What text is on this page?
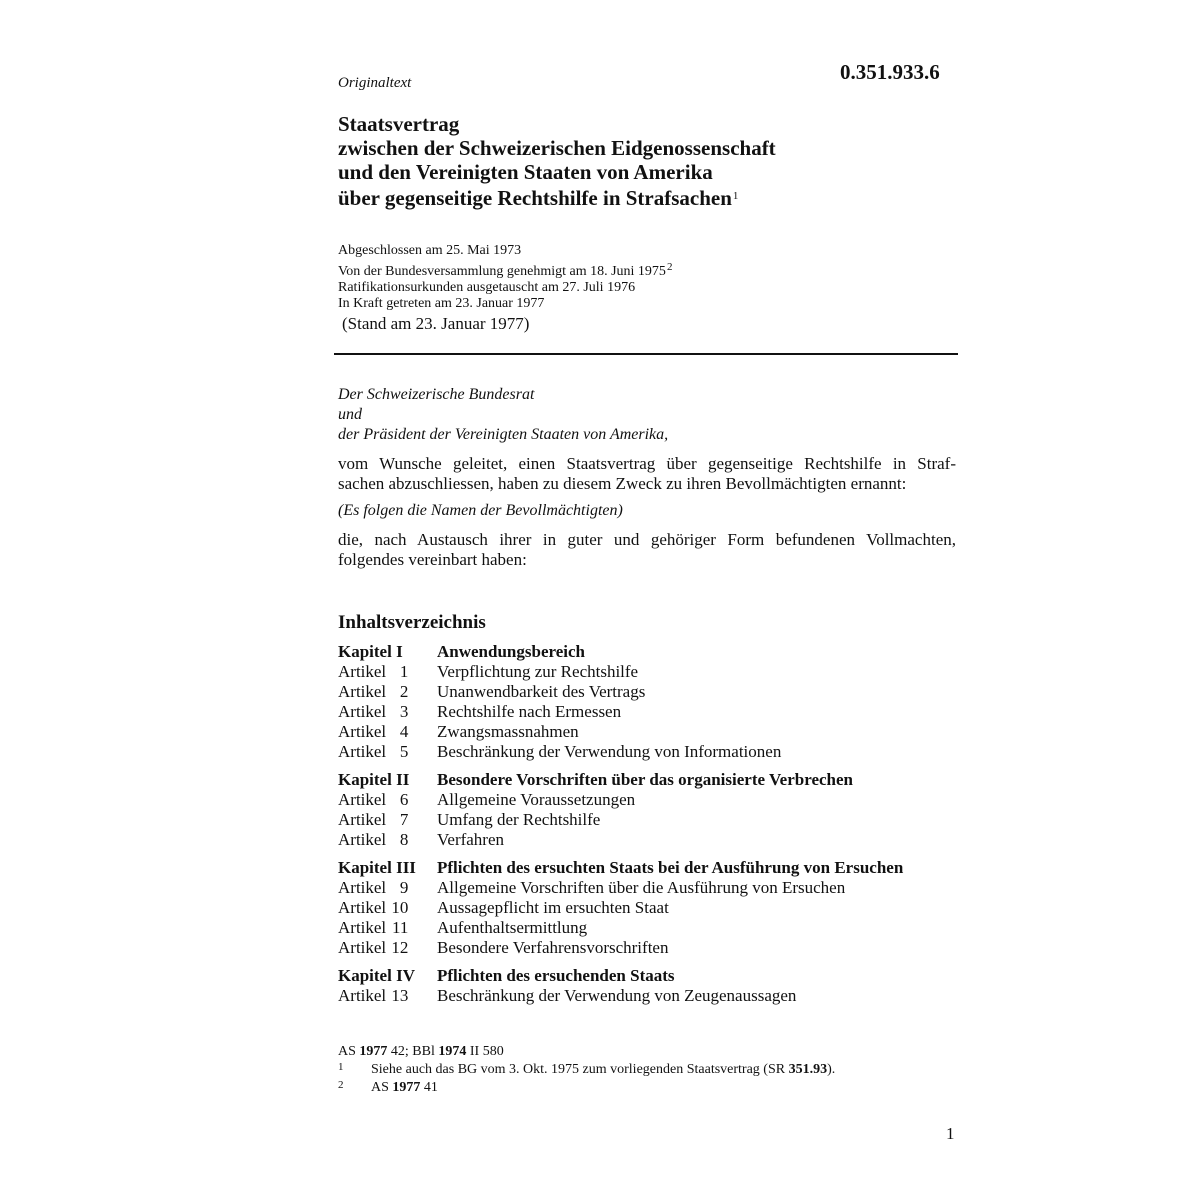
Originaltext	0.351.933.6
Staatsvertrag
zwischen der Schweizerischen Eidgenossenschaft
und den Vereinigten Staaten von Amerika
über gegenseitige Rechtshilfe in Strafsachen$^1$
Abgeschlossen am 25. Mai 1973
Von der Bundesversammlung genehmigt am 18. Juni 1975$^2$
Ratifikationsurkunden ausgetauscht am 27. Juli 1976
In Kraft getreten am 23. Januar 1977
(Stand am 23. Januar 1977)
Der Schweizerische Bundesrat
und
der Präsident der Vereinigten Staaten von Amerika,
vom Wunsche geleitet, einen Staatsvertrag über gegenseitige Rechtshilfe in Straf-
sachen abzuschliessen, haben zu diesem Zweck zu ihren Bevollmächtigten ernannt:
(Es folgen die Namen der Bevollmächtigten)
die, nach Austausch ihrer in guter und gehöriger Form befundenen Vollmachten,
folgendes vereinbart haben:
Inhaltsverzeichnis
Kapitel I	Anwendungsbereich
Artikel 1	Verpflichtung zur Rechtshilfe
Artikel 2	Unanwendbarkeit des Vertrags
Artikel 3	Rechtshilfe nach Ermessen
Artikel 4	Zwangsmassnahmen
Artikel 5	Beschränkung der Verwendung von Informationen
Kapitel II	Besondere Vorschriften über das organisierte Verbrechen
Artikel 6	Allgemeine Voraussetzungen
Artikel 7	Umfang der Rechtshilfe
Artikel 8	Verfahren
Kapitel III	Pflichten des ersuchten Staats bei der Ausführung von Ersuchen
Artikel 9	Allgemeine Vorschriften über die Ausführung von Ersuchen
Artikel 10	Aussagepflicht im ersuchten Staat
Artikel 11	Aufenthaltsermittlung
Artikel 12	Besondere Verfahrensvorschriften
Kapitel IV	Pflichten des ersuchenden Staats
Artikel 13	Beschränkung der Verwendung von Zeugenaussagen
AS
1977
42; BBl
1974
II 580
1	Siehe auch das BG vom 3. Okt. 1975 zum vorliegenden Staatsvertrag (SR
351.93 ).
2	AS
1977
41
1
